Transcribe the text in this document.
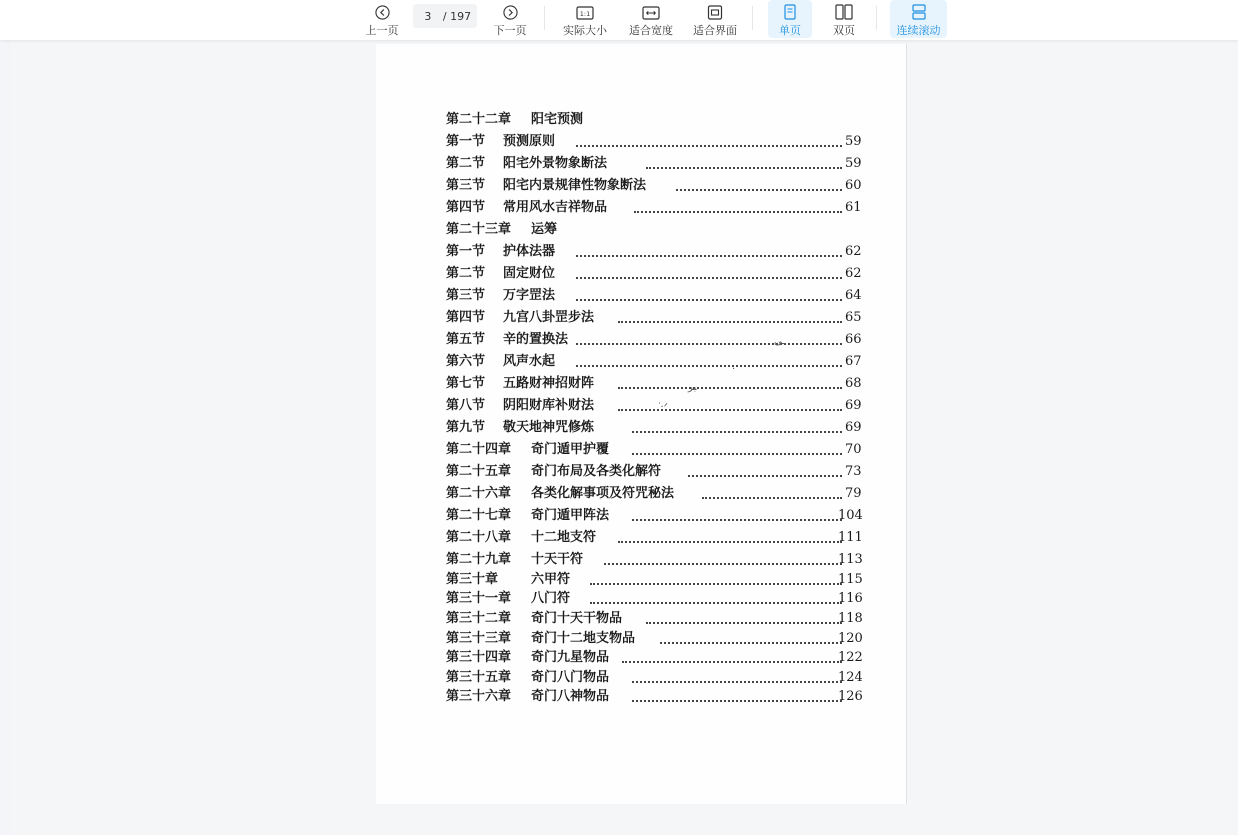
上一页
3
/ 197
下一页
1:1
实际大小 适合宽度 适合界面	单页	双页	连续滚动
第二十二章 阳宅预测
第一节 预测原则	59
第二节 阳宅外景物象断法	59
第三节 阳宅内景规律性物象断法	60
第四节 常用风水吉祥物品	61
第二十三章 运筹
第一节 护体法器	62
第二节 固定财位	62
第三节 万字罡法	64
第四节 九宫八卦罡步法	65
第五节 辛的置换法	66
第六节 风声水起	67
第七节 五路财神招财阵	68
第八节 阴阳财库补财法	69
第九节 敬天地神咒修炼	69
第二十四章 奇门遁甲护覆	70
第二十五章 奇门布局及各类化解符	73
第二十六章 各类化解事项及符咒秘法	79
第二十七章 奇门遁甲阵法	104
第二十八章 十二地支符	111
第二十九章 十天干符	113
第三十章	六甲符	115
第三十一章 八门符	116
第三十二章 奇门十天干物品	118
第三十三章 奇门十二地支物品	120
第三十四章 奇门九星物品	122
第三十五章 奇门八门物品	124
第三十六章 奇门八神物品	126
ـى
·
ﺒﺮ
ᐝ·ᐟ
